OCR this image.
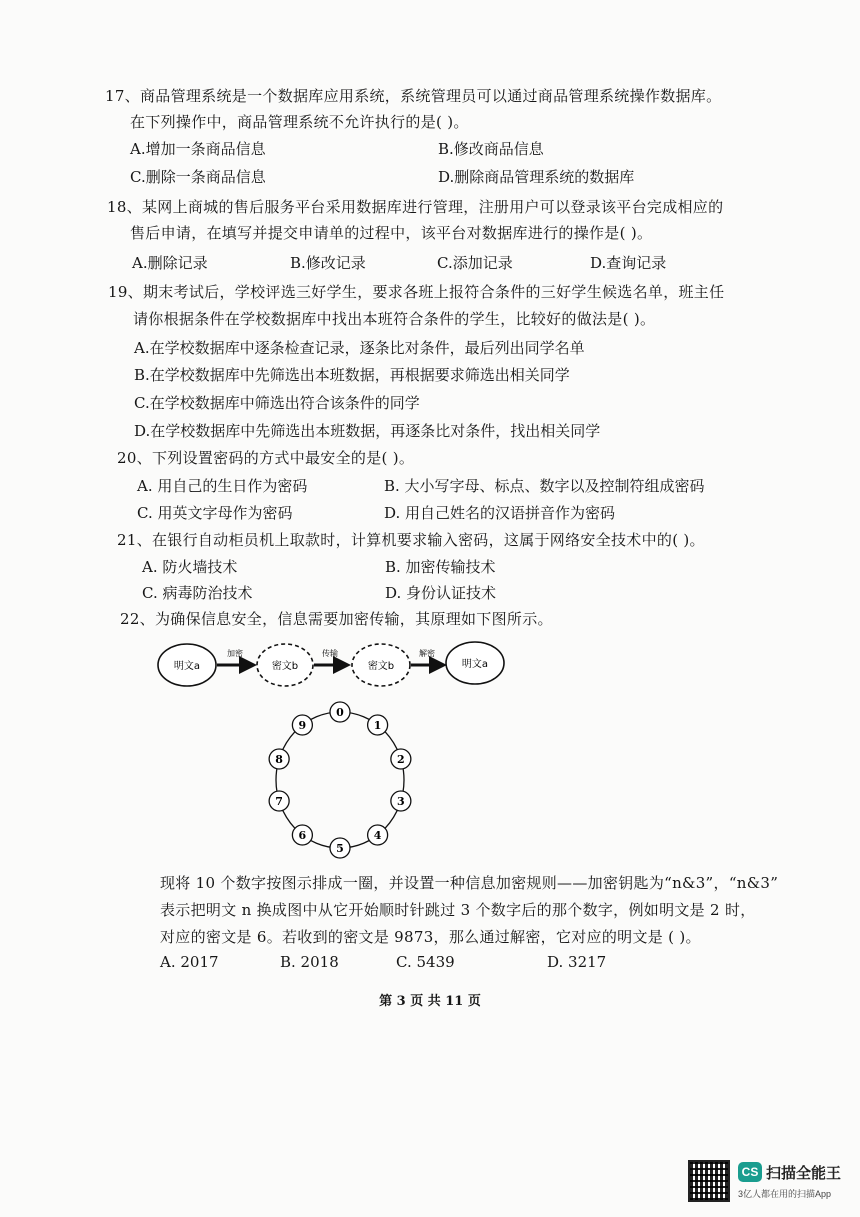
17、商品管理系统是一个数据库应用系统，系统管理员可以通过商品管理系统操作数据库。
在下列操作中，商品管理系统不允许执行的是( )。
A.增加一条商品信息	B.修改商品信息
C.删除一条商品信息	D.删除商品管理系统的数据库
18、某网上商城的售后服务平台采用数据库进行管理，注册用户可以登录该平台完成相应的
售后申请，在填写并提交申请单的过程中，该平台对数据库进行的操作是( )。
A.删除记录	B.修改记录	C.添加记录	D.查询记录
19、期末考试后，学校评选三好学生，要求各班上报符合条件的三好学生候选名单，班主任
请你根据条件在学校数据库中找出本班符合条件的学生，比较好的做法是( )。
A.在学校数据库中逐条检查记录，逐条比对条件，最后列出同学名单
B.在学校数据库中先筛选出本班数据，再根据要求筛选出相关同学
C.在学校数据库中筛选出符合该条件的同学
D.在学校数据库中先筛选出本班数据，再逐条比对条件，找出相关同学
20、下列设置密码的方式中最安全的是( )。
A. 用自己的生日作为密码	B. 大小写字母、标点、数字以及控制符组成密码
C. 用英文字母作为密码	D. 用自己姓名的汉语拼音作为密码
21、在银行自动柜员机上取款时，计算机要求输入密码，这属于网络安全技术中的( )。
A. 防火墙技术	B. 加密传输技术
C. 病毒防治技术	D. 身份认证技术
22、为确保信息安全，信息需要加密传输，其原理如下图所示。
明文a
加密
密文b
传输
密文b
解密
明文a
0
1
2
3
4
5
6
7
8
9
现将 10 个数字按图示排成一圈，并设置一种信息加密规则——加密钥匙为“n&3”，“n&3”
表示把明文 n 换成图中从它开始顺时针跳过 3 个数字后的那个数字，例如明文是 2 时，
对应的密文是 6。若收到的密文是 9873，那么通过解密，它对应的明文是 ( )。
A. 2017	B. 2018	C. 5439	D. 3217
第 3 页 共 11 页
CS 扫描全能王
3亿人都在用的扫描App
